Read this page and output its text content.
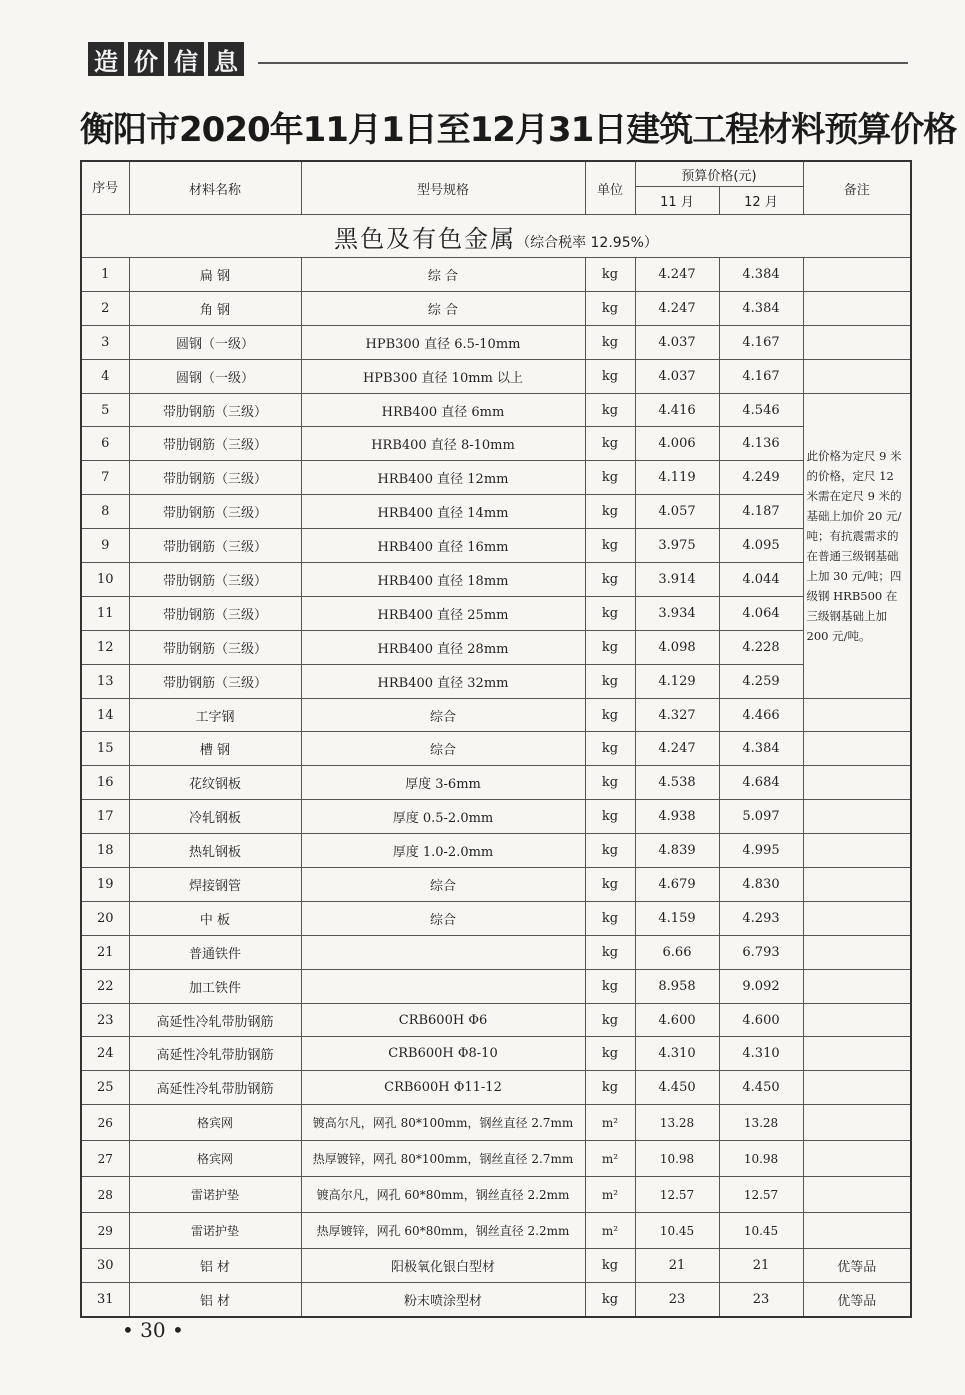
造 价 信 息
衡阳市2020年11月1日至12月31日建筑工程材料预算价格
序号	材料名称	型号规格	单位	预算价格(元)		备注
				11 月	12 月	
黑色及有色金属（综合税率 12.95%）						
1	扁 钢	综 合	kg	4.247	4.384	
2	角 钢	综 合	kg	4.247	4.384	
3	圆钢（一级）	HPB300 直径 6.5-10mm	kg	4.037	4.167	
4	圆钢（一级）	HPB300 直径 10mm 以上	kg	4.037	4.167	
5	带肋钢筋（三级）	HRB400 直径 6mm	kg	4.416	4.546	此价格为定尺 9 米的价格，定尺 12 米需在定尺 9 米的基础上加价 20 元/吨；有抗震需求的在普通三级钢基础上加 30 元/吨；四级钢 HRB500 在三级钢基础上加 200 元/吨。
6	带肋钢筋（三级）	HRB400 直径 8-10mm	kg	4.006	4.136	
7	带肋钢筋（三级）	HRB400 直径 12mm	kg	4.119	4.249	
8	带肋钢筋（三级）	HRB400 直径 14mm	kg	4.057	4.187	
9	带肋钢筋（三级）	HRB400 直径 16mm	kg	3.975	4.095	
10	带肋钢筋（三级）	HRB400 直径 18mm	kg	3.914	4.044	
11	带肋钢筋（三级）	HRB400 直径 25mm	kg	3.934	4.064	
12	带肋钢筋（三级）	HRB400 直径 28mm	kg	4.098	4.228	
13	带肋钢筋（三级）	HRB400 直径 32mm	kg	4.129	4.259	
14	工字钢	综合	kg	4.327	4.466	
15	槽 钢	综合	kg	4.247	4.384	
16	花纹钢板	厚度 3-6mm	kg	4.538	4.684	
17	冷轧钢板	厚度 0.5-2.0mm	kg	4.938	5.097	
18	热轧钢板	厚度 1.0-2.0mm	kg	4.839	4.995	
19	焊接钢管	综合	kg	4.679	4.830	
20	中 板	综合	kg	4.159	4.293	
21	普通铁件		kg	6.66	6.793	
22	加工铁件		kg	8.958	9.092	
23	高延性冷轧带肋钢筋	CRB600H Φ6	kg	4.600	4.600	
24	高延性冷轧带肋钢筋	CRB600H Φ8-10	kg	4.310	4.310	
25	高延性冷轧带肋钢筋	CRB600H Φ11-12	kg	4.450	4.450	
26	格宾网	镀高尔凡，网孔 80*100mm，钢丝直径 2.7mm	m²	13.28	13.28	
27	格宾网	热厚镀锌，网孔 80*100mm，钢丝直径 2.7mm	m²	10.98	10.98	
28	雷诺护垫	镀高尔凡，网孔 60*80mm，钢丝直径 2.2mm	m²	12.57	12.57	
29	雷诺护垫	热厚镀锌，网孔 60*80mm，钢丝直径 2.2mm	m²	10.45	10.45	
30	铝 材	阳极氧化银白型材	kg	21	21	优等品
31	铝 材	粉末喷涂型材	kg	23	23	优等品
• 30 •
